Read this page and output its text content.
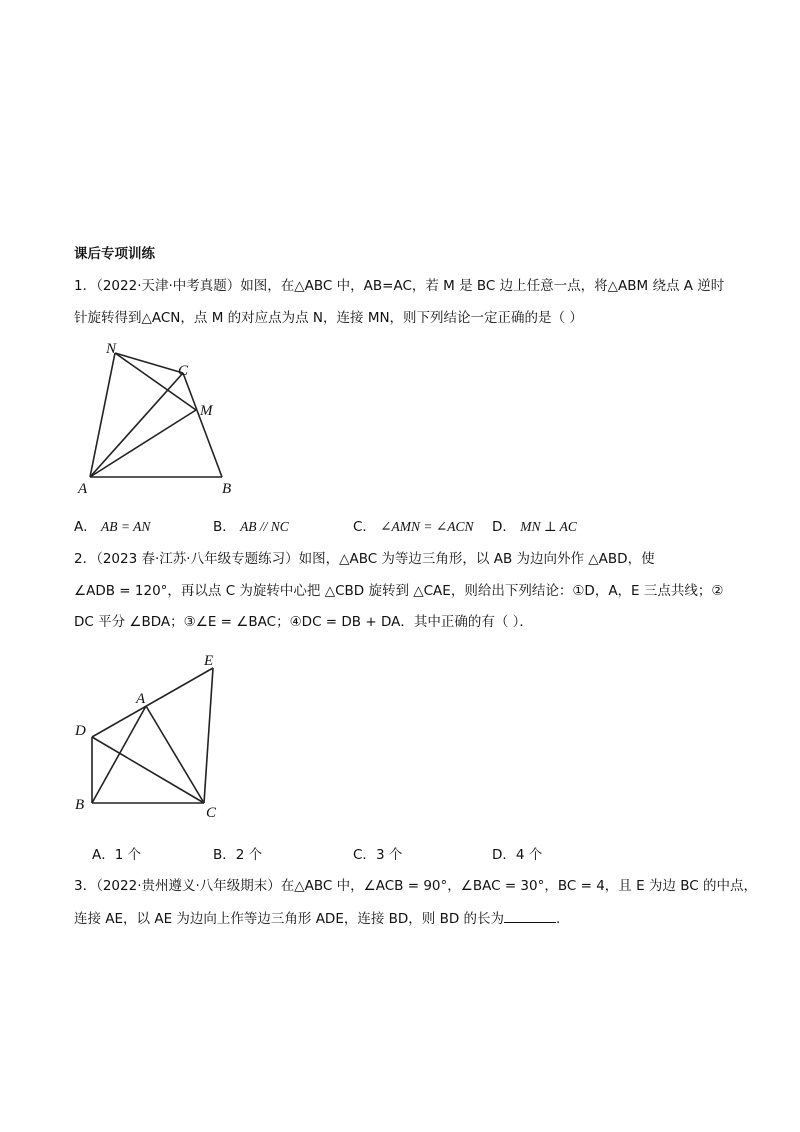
课后专项训练
1．（2022·天津·中考真题）如图，在△ABC 中，AB=AC，若 M 是 BC 边上任意一点，将△ABM 绕点 A 逆时
针旋转得到△ACN，点 M 的对应点为点 N，连接 MN，则下列结论一定正确的是（ ）
N
C
M
A	B
A． AB = AN	B． AB // NC	C． ∠AMN = ∠ACN D． MN ⊥ AC
2．（2023 春·江苏·八年级专题练习）如图，△ABC 为等边三角形，以 AB 为边向外作 △ABD，使
∠ADB = 120°，再以点 C 为旋转中心把 △CBD 旋转到 △CAE，则给出下列结论：①D，A，E 三点共线；②
DC 平分 ∠BDA；③∠E = ∠BAC；④DC = DB + DA．其中正确的有（ ）．
E
A
D
B	C
A．1 个	B．2 个	C．3 个	D．4 个
3．（2022·贵州遵义·八年级期末）在△ABC 中，∠ACB = 90°，∠BAC = 30°，BC = 4，且 E 为边 BC 的中点，
连接 AE，以 AE 为边向上作等边三角形 ADE，连接 BD，则 BD 的长为	.
